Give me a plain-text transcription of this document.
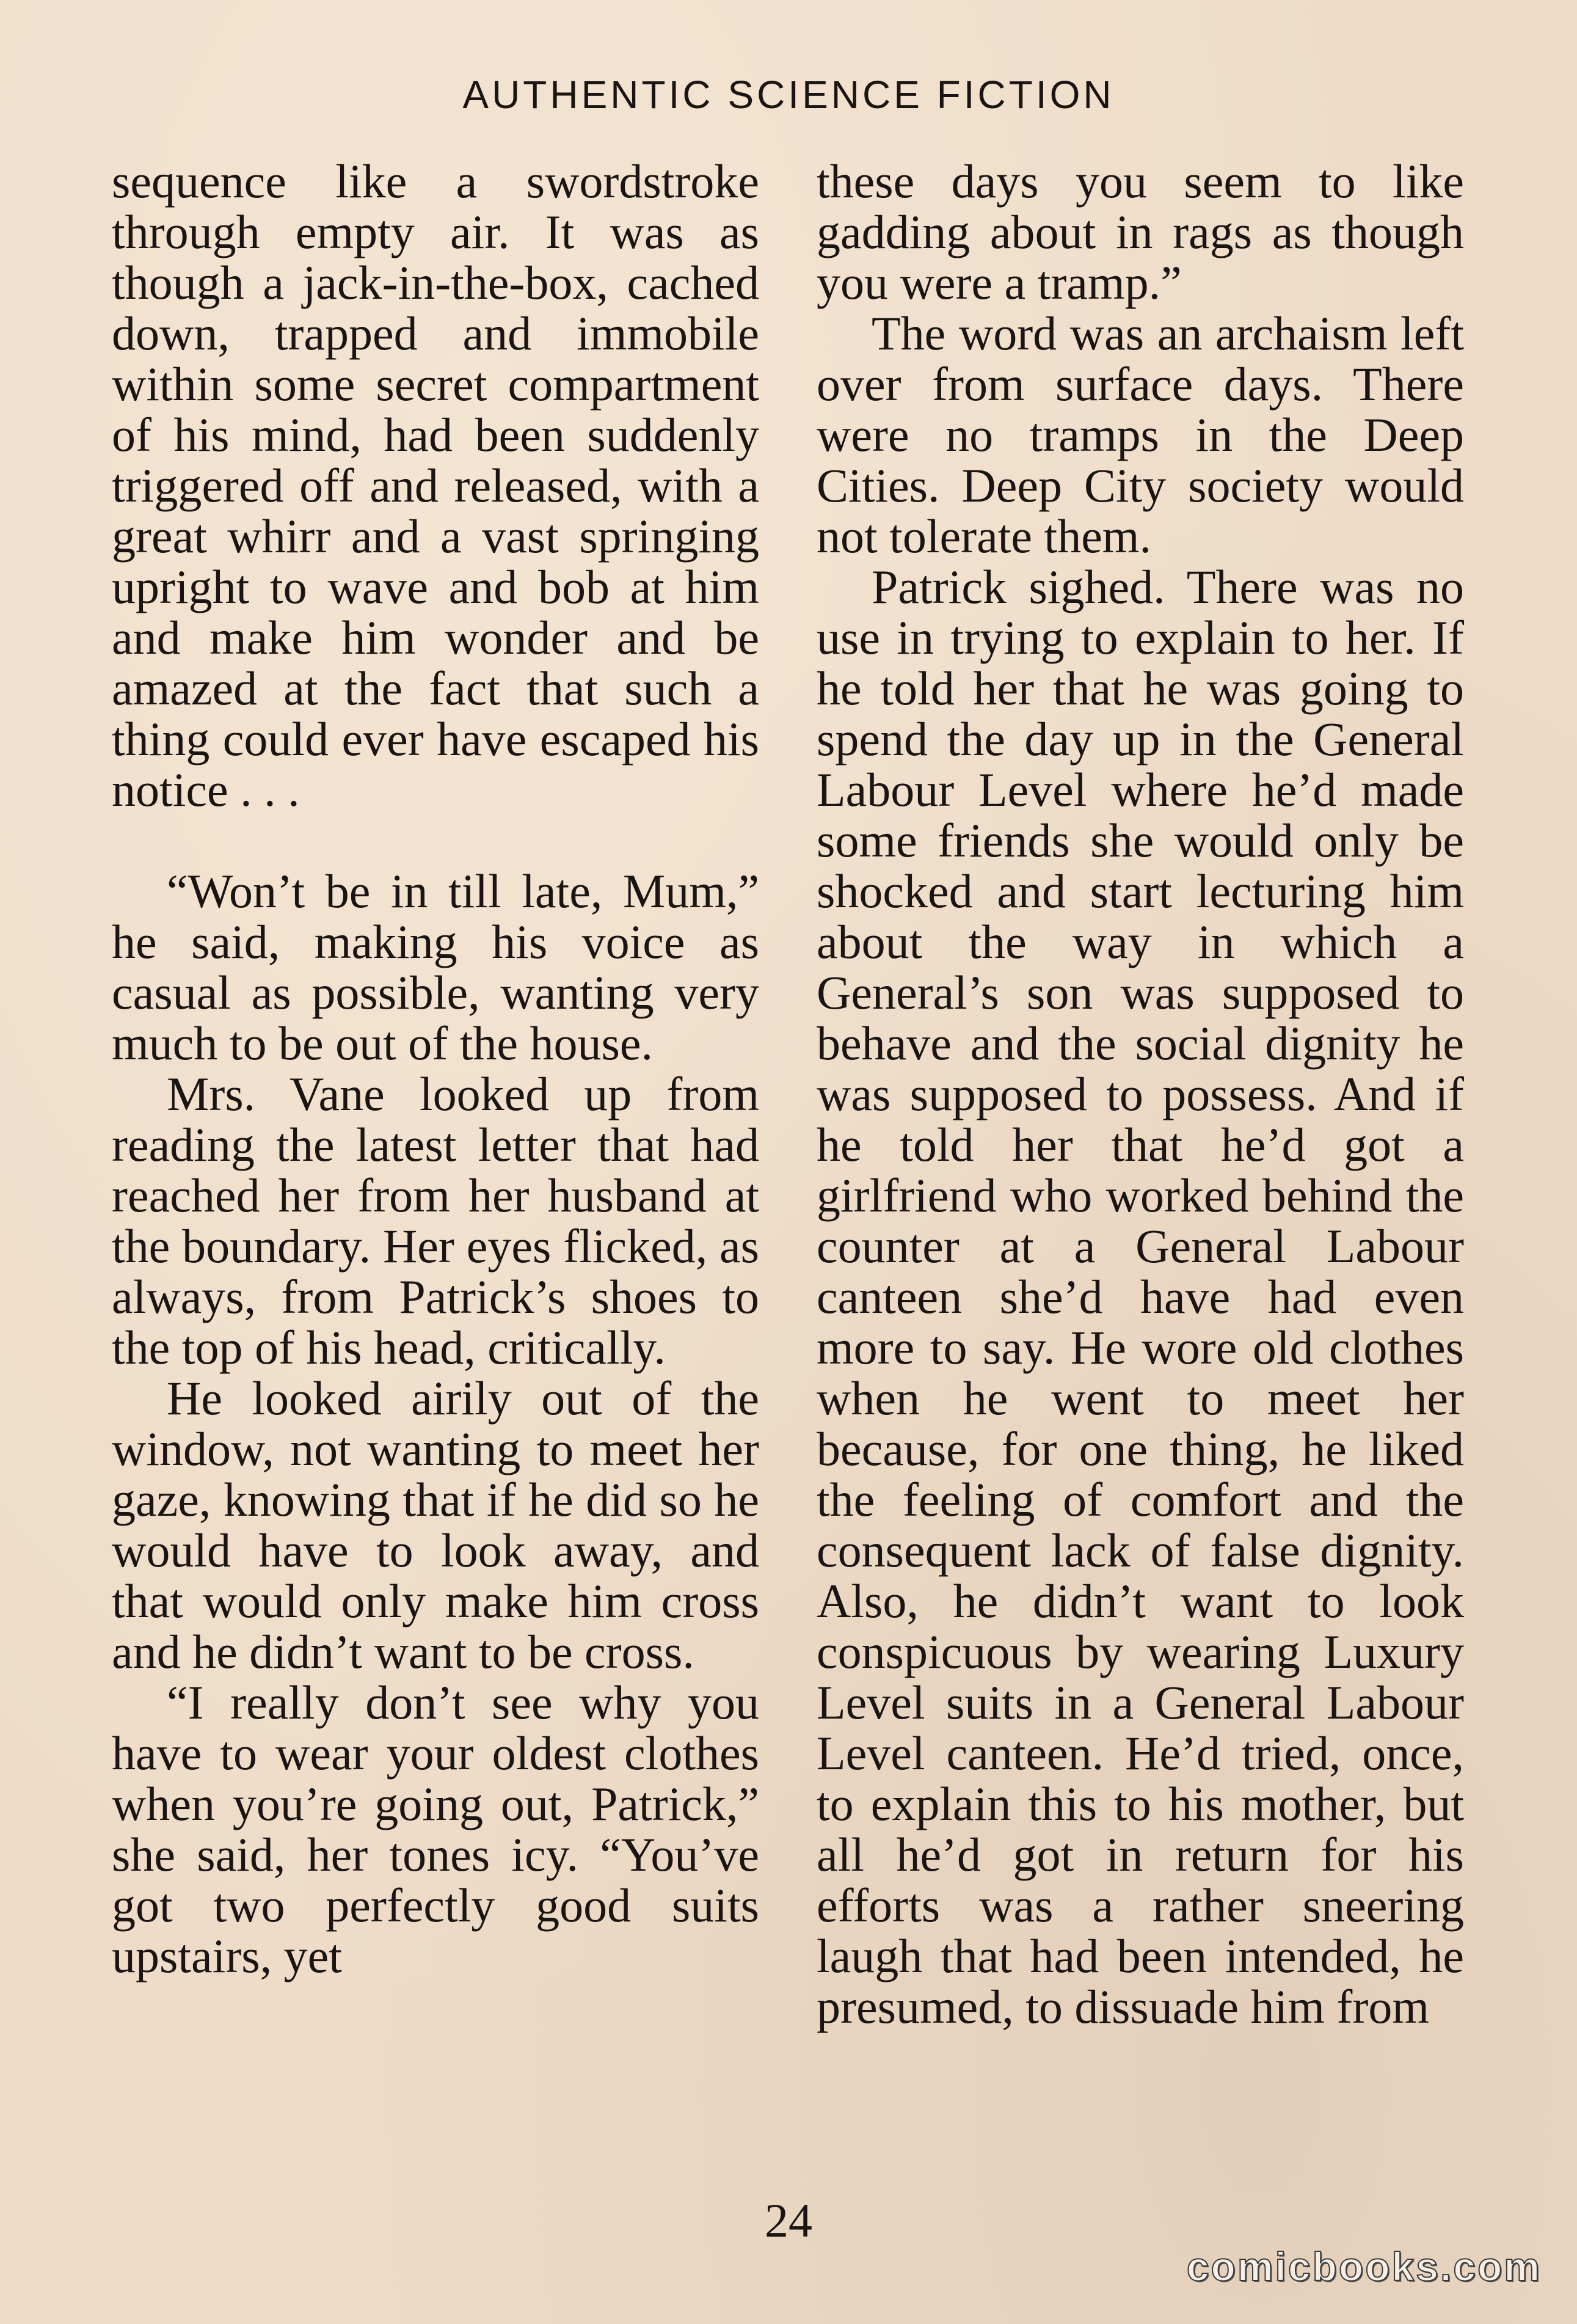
AUTHENTIC SCIENCE FICTION

sequence like a swordstroke through empty air. It was as though a jack-in-the-box, cached down, trapped and immobile within some secret compartment of his mind, had been suddenly triggered off and released, with a great whirr and a vast springing upright to wave and bob at him and make him wonder and be amazed at the fact that such a thing could ever have escaped his notice . . .

“Won’t be in till late, Mum,” he said, making his voice as casual as possible, wanting very much to be out of the house.

Mrs. Vane looked up from reading the latest letter that had reached her from her husband at the boundary. Her eyes flicked, as always, from Patrick’s shoes to the top of his head, critically.

He looked airily out of the window, not wanting to meet her gaze, knowing that if he did so he would have to look away, and that would only make him cross and he didn’t want to be cross.

“I really don’t see why you have to wear your oldest clothes when you’re going out, Patrick,” she said, her tones icy. “You’ve got two perfectly good suits upstairs, yet

these days you seem to like gadding about in rags as though you were a tramp.”

The word was an archaism left over from surface days. There were no tramps in the Deep Cities. Deep City society would not tolerate them.

Patrick sighed. There was no use in trying to explain to her. If he told her that he was going to spend the day up in the General Labour Level where he’d made some friends she would only be shocked and start lecturing him about the way in which a General’s son was supposed to behave and the social dignity he was supposed to possess. And if he told her that he’d got a girlfriend who worked behind the counter at a General Labour canteen she’d have had even more to say. He wore old clothes when he went to meet her because, for one thing, he liked the feeling of comfort and the consequent lack of false dignity. Also, he didn’t want to look conspicuous by wearing Luxury Level suits in a General Labour Level canteen. He’d tried, once, to explain this to his mother, but all he’d got in return for his efforts was a rather sneering laugh that had been intended, he presumed, to dissuade him from

24
comicbooks.com
